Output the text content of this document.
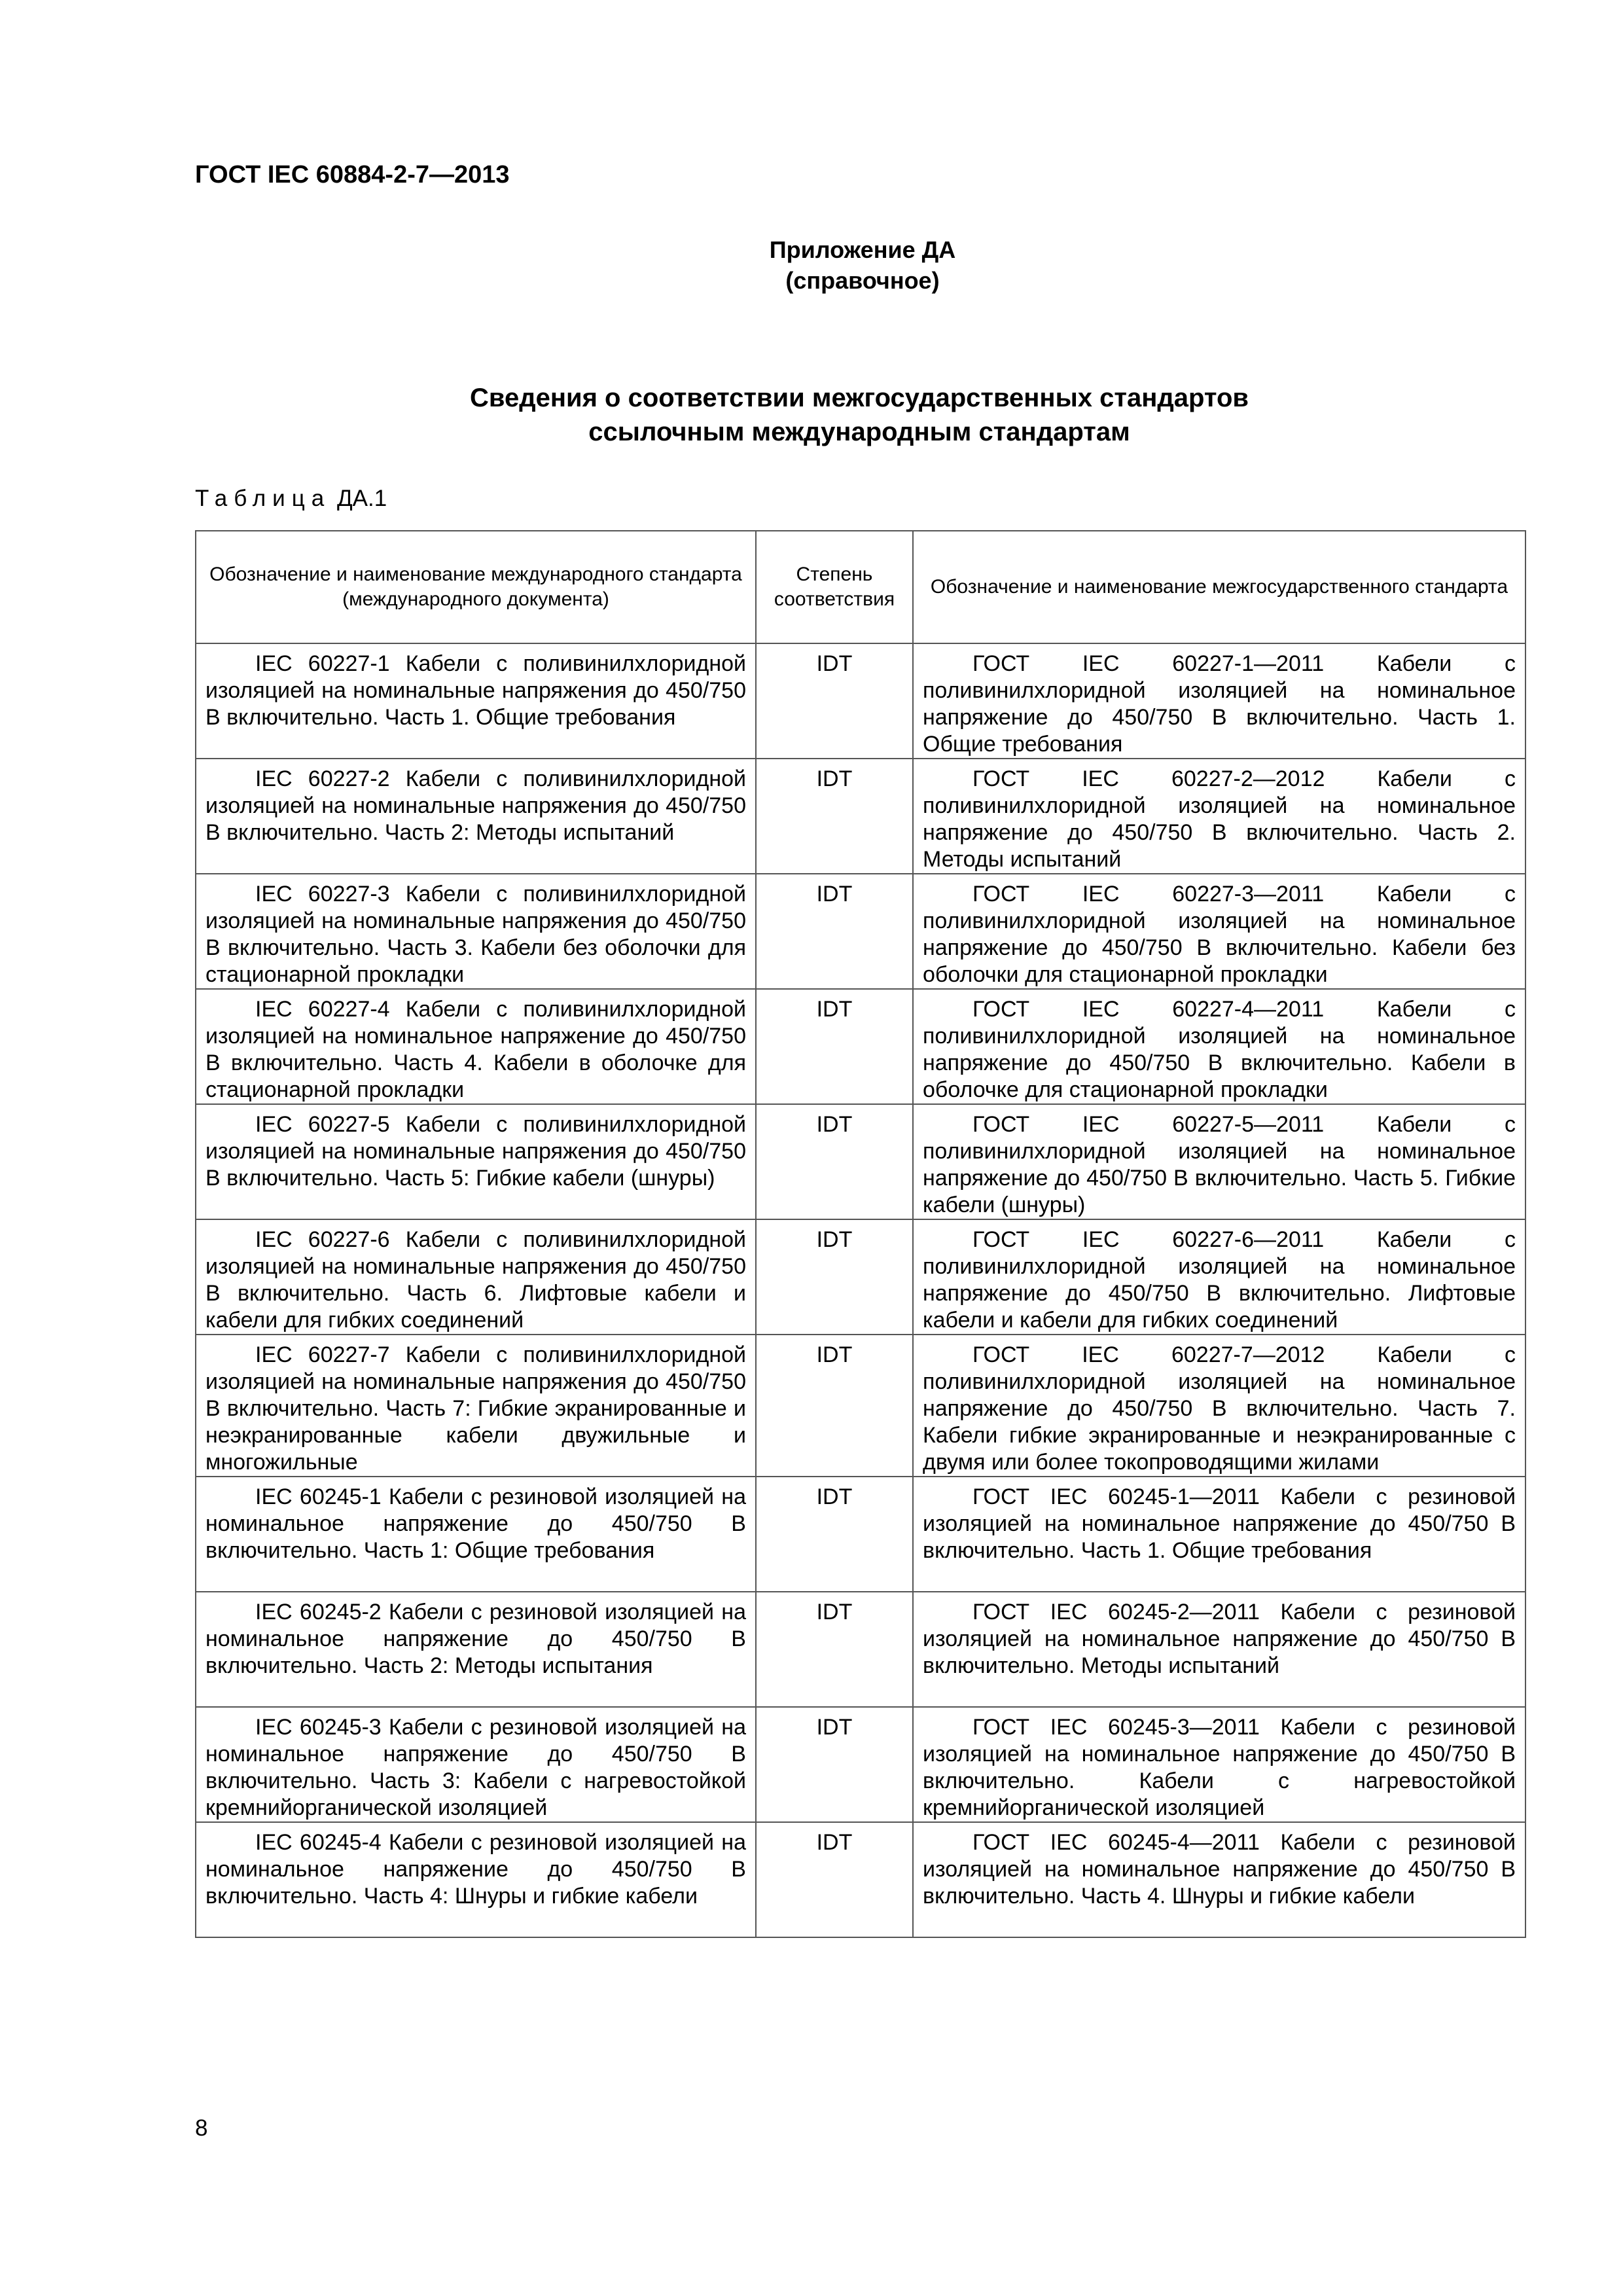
ГОСТ IEC 60884-2-7—2013
Приложение ДА
(справочное)
Сведения о соответствии межгосударственных стандартов
ссылочным международным стандартам
Таблица ДА.1
Обозначение и наименование международного стандарта (международного документа)	Степень соответствия	Обозначение и наименование межгосударственного стандарта
IEC 60227-1 Кабели с поливинилхлоридной изоляцией на номинальные напряжения до 450/750 В включительно. Часть 1. Общие требования	IDT	ГОСТ IEC 60227-1—2011 Кабели с поливинилхлоридной изоляцией на номинальное напряжение до 450/750 В включительно. Часть 1. Общие требования
IEC 60227-2 Кабели с поливинилхлоридной изоляцией на номинальные напряжения до 450/750 В включительно. Часть 2: Методы испытаний	IDT	ГОСТ IEC 60227-2—2012 Кабели с поливинилхлоридной изоляцией на номинальное напряжение до 450/750 В включительно. Часть 2. Методы испытаний
IEC 60227-3 Кабели с поливинилхлоридной изоляцией на номинальные напряжения до 450/750 В включительно. Часть 3. Кабели без оболочки для стационарной прокладки	IDT	ГОСТ IEC 60227-3—2011 Кабели с поливинилхлоридной изоляцией на номинальное напряжение до 450/750 В включительно. Кабели без оболочки для стационарной прокладки
IEC 60227-4 Кабели с поливинилхлоридной изоляцией на номинальное напряжение до 450/750 В включительно. Часть 4. Кабели в оболочке для стационарной прокладки	IDT	ГОСТ IEC 60227-4—2011 Кабели с поливинилхлоридной изоляцией на номинальное напряжение до 450/750 В включительно. Кабели в оболочке для стационарной прокладки
IEC 60227-5 Кабели с поливинилхлоридной изоляцией на номинальные напряжения до 450/750 В включительно. Часть 5: Гибкие кабели (шнуры)	IDT	ГОСТ IEC 60227-5—2011 Кабели с поливинилхлоридной изоляцией на номинальное напряжение до 450/750 В включительно. Часть 5. Гибкие кабели (шнуры)
IEC 60227-6 Кабели с поливинилхлоридной изоляцией на номинальные напряжения до 450/750 В включительно. Часть 6. Лифтовые кабели и кабели для гибких соединений	IDT	ГОСТ IEC 60227-6—2011 Кабели с поливинилхлоридной изоляцией на номинальное напряжение до 450/750 В включительно. Лифтовые кабели и кабели для гибких соединений
IEC 60227-7 Кабели с поливинилхлоридной изоляцией на номинальные напряжения до 450/750 В включительно. Часть 7: Гибкие экранированные и неэкранированные кабели двужильные и многожильные	IDT	ГОСТ IEC 60227-7—2012 Кабели с поливинилхлоридной изоляцией на номинальное напряжение до 450/750 В включительно. Часть 7. Кабели гибкие экранированные и неэкранированные с двумя или более токопроводящими жилами
IEC 60245-1 Кабели с резиновой изоляцией на номинальное напряжение до 450/750 В включительно. Часть 1: Общие требования	IDT	ГОСТ IEC 60245-1—2011 Кабели с резиновой изоляцией на номинальное напряжение до 450/750 В включительно. Часть 1. Общие требования
IEC 60245-2 Кабели с резиновой изоляцией на номинальное напряжение до 450/750 В включительно. Часть 2: Методы испытания	IDT	ГОСТ IEC 60245-2—2011 Кабели с резиновой изоляцией на номинальное напряжение до 450/750 В включительно. Методы испытаний
IEC 60245-3 Кабели с резиновой изоляцией на номинальное напряжение до 450/750 В включительно. Часть 3: Кабели с нагревостойкой кремнийорганической изоляцией	IDT	ГОСТ IEC 60245-3—2011 Кабели с резиновой изоляцией на номинальное напряжение до 450/750 В включительно. Кабели с нагревостойкой кремнийорганической изоляцией
IEC 60245-4 Кабели с резиновой изоляцией на номинальное напряжение до 450/750 В включительно. Часть 4: Шнуры и гибкие кабели	IDT	ГОСТ IEC 60245-4—2011 Кабели с резиновой изоляцией на номинальное напряжение до 450/750 В включительно. Часть 4. Шнуры и гибкие кабели
8
